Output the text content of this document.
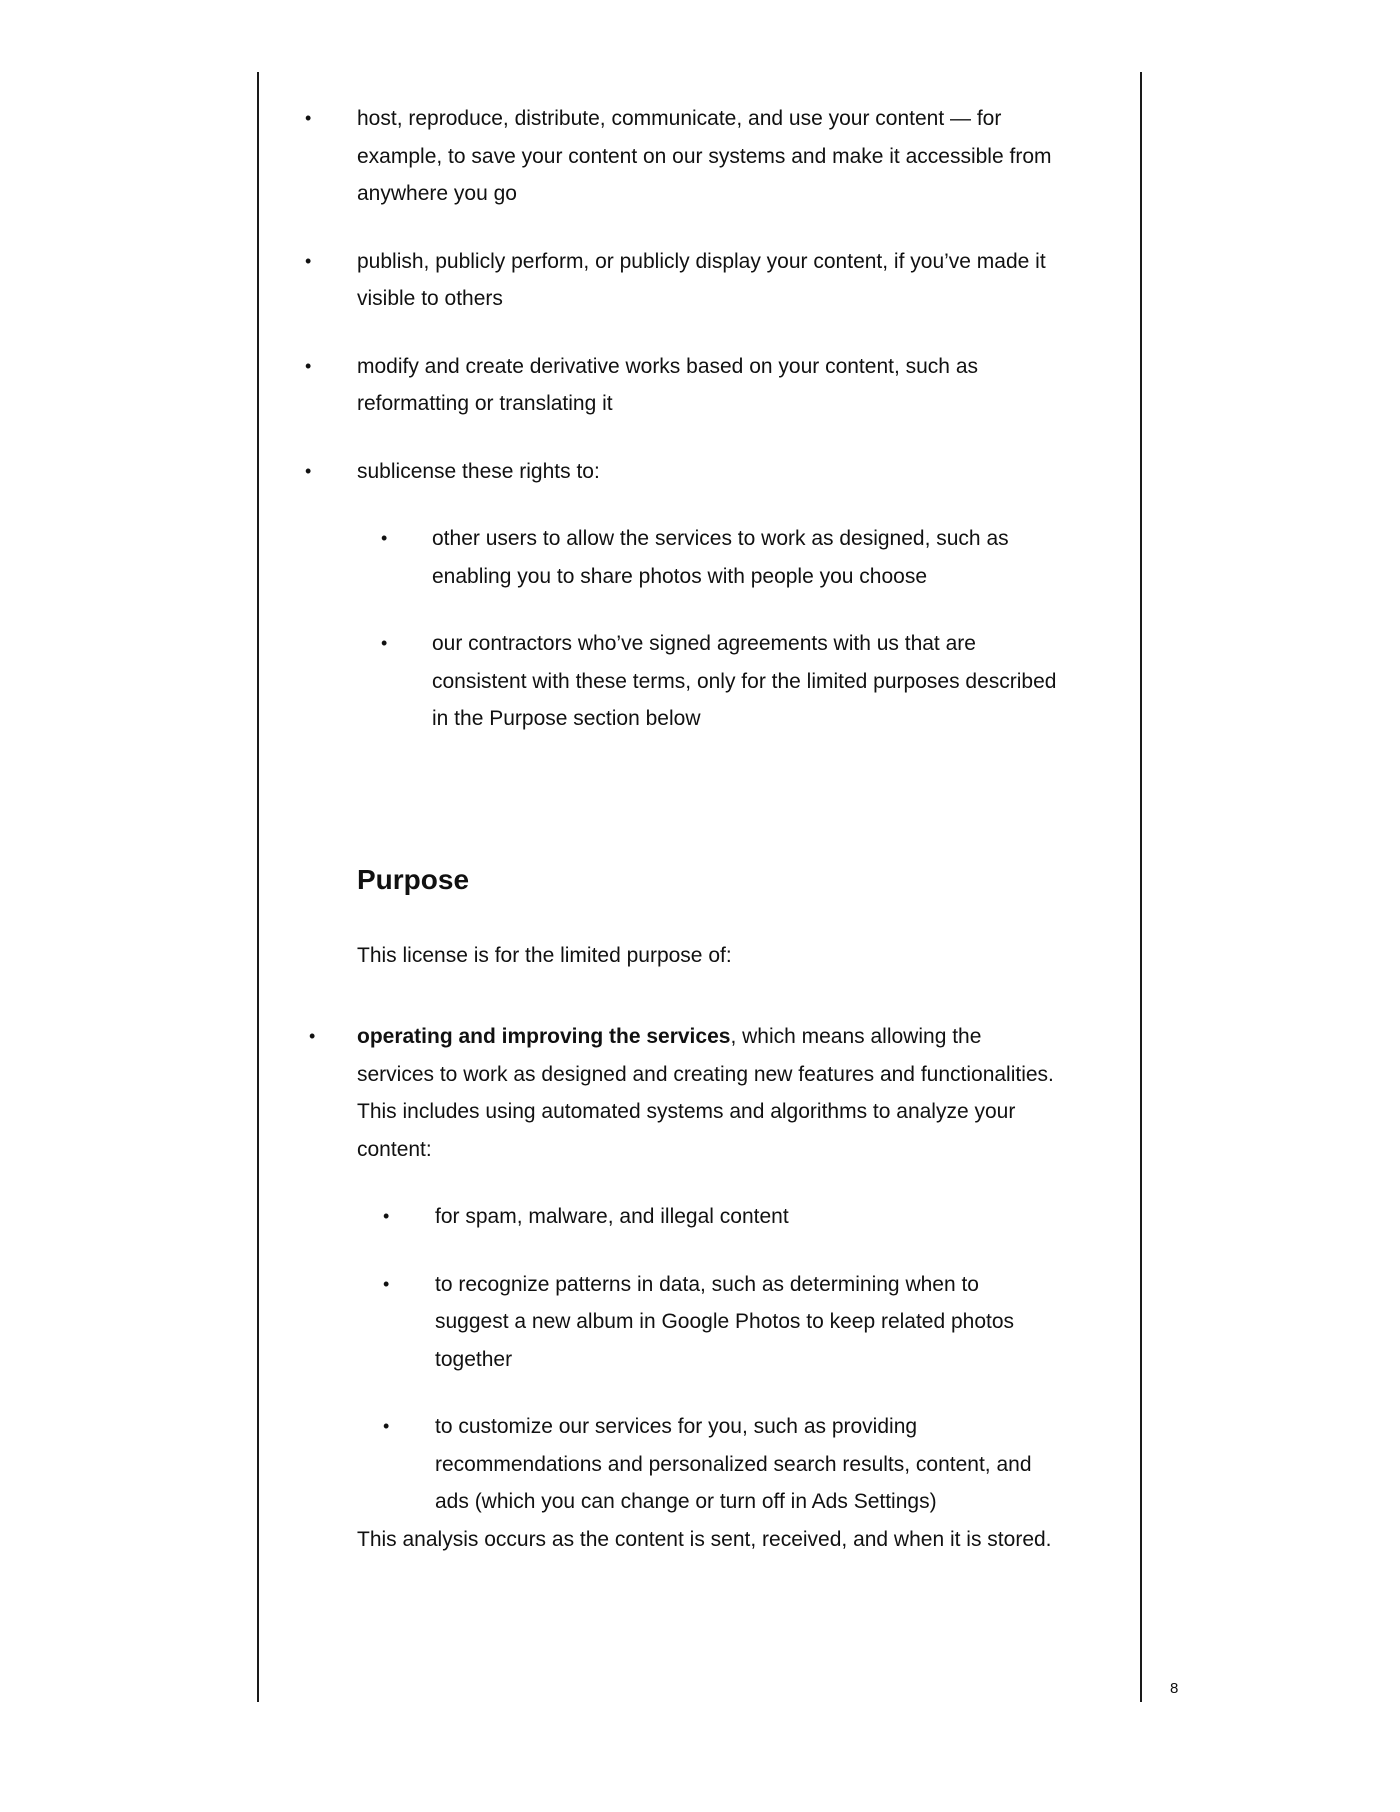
• host, reproduce, distribute, communicate, and use your content — for example, to save your content on our systems and make it accessible from anywhere you go
• publish, publicly perform, or publicly display your content, if you’ve made it visible to others
• modify and create derivative works based on your content, such as reformatting or translating it
• sublicense these rights to:
• other users to allow the services to work as designed, such as enabling you to share photos with people you choose
• our contractors who’ve signed agreements with us that are consistent with these terms, only for the limited purposes described in the Purpose section below
Purpose

This license is for the limited purpose of:

• operating and improving the services, which means allowing the services to work as designed and creating new features and functionalities. This includes using automated systems and algorithms to analyze your content:
• for spam, malware, and illegal content
• to recognize patterns in data, such as determining when to suggest a new album in Google Photos to keep related photos together
• to customize our services for you, such as providing recommendations and personalized search results, content, and ads (which you can change or turn off in Ads Settings)

This analysis occurs as the content is sent, received, and when it is stored.

8
